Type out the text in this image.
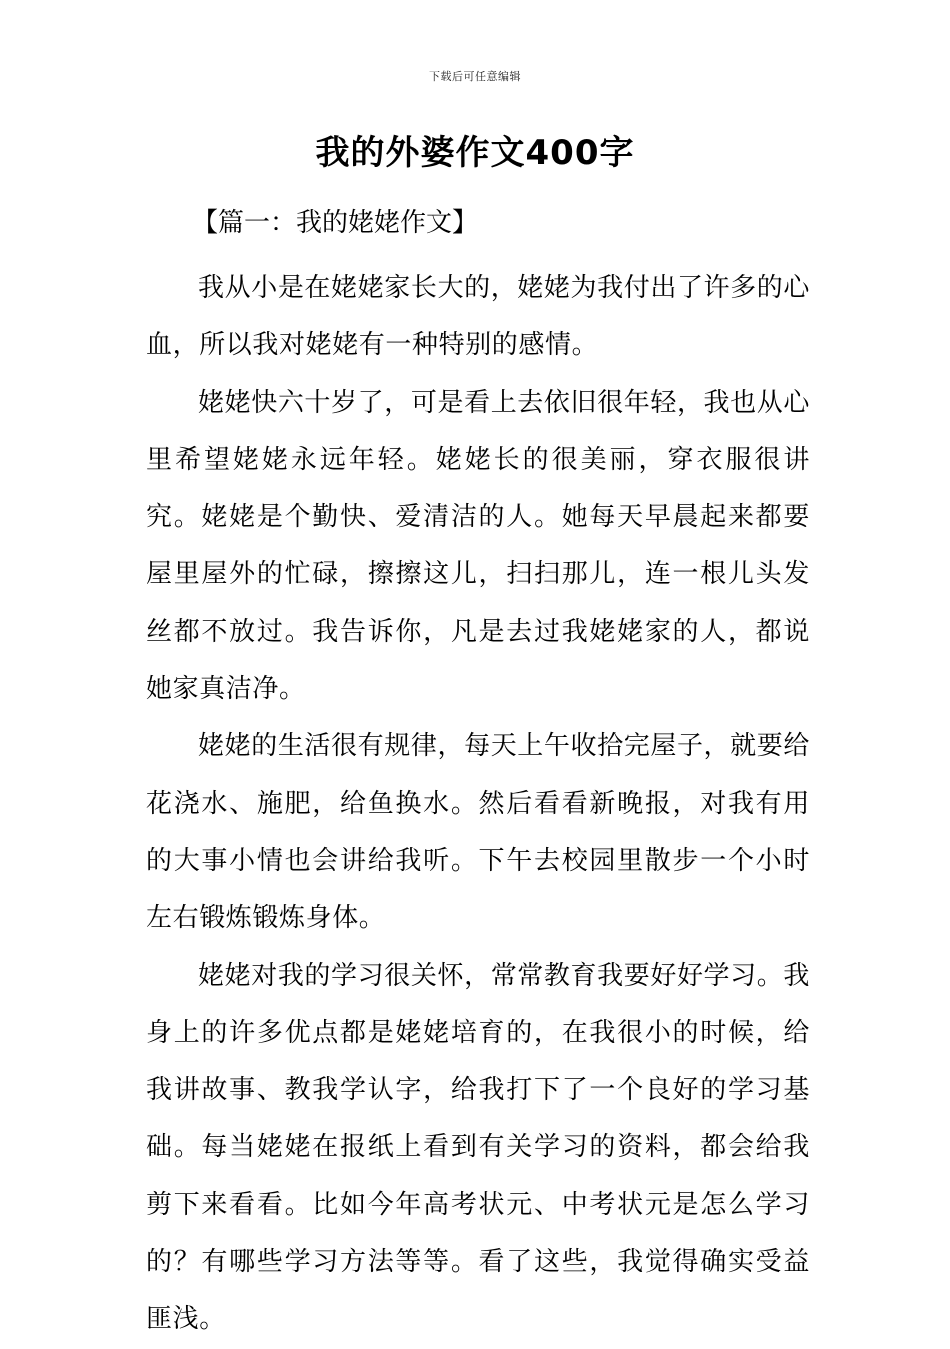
下载后可任意编辑
我的外婆作文400字
【篇一：我的姥姥作文】

我从小是在姥姥家长大的，姥姥为我付出了许多的心血，所以我对姥姥有一种特别的感情。

姥姥快六十岁了，可是看上去依旧很年轻，我也从心里希望姥姥永远年轻。姥姥长的很美丽，穿衣服很讲究。姥姥是个勤快、爱清洁的人。她每天早晨起来都要屋里屋外的忙碌，擦擦这儿，扫扫那儿，连一根儿头发丝都不放过。我告诉你，凡是去过我姥姥家的人，都说她家真洁净。

姥姥的生活很有规律，每天上午收拾完屋子，就要给花浇水、施肥，给鱼换水。然后看看新晚报，对我有用的大事小情也会讲给我听。下午去校园里散步一个小时左右锻炼锻炼身体。

姥姥对我的学习很关怀，常常教育我要好好学习。我身上的许多优点都是姥姥培育的，在我很小的时候，给我讲故事、教我学认字，给我打下了一个良好的学习基础。每当姥姥在报纸上看到有关学习的资料，都会给我剪下来看看。比如今年高考状元、中考状元是怎么学习的？有哪些学习方法等等。看了这些，我觉得确实受益匪浅。
